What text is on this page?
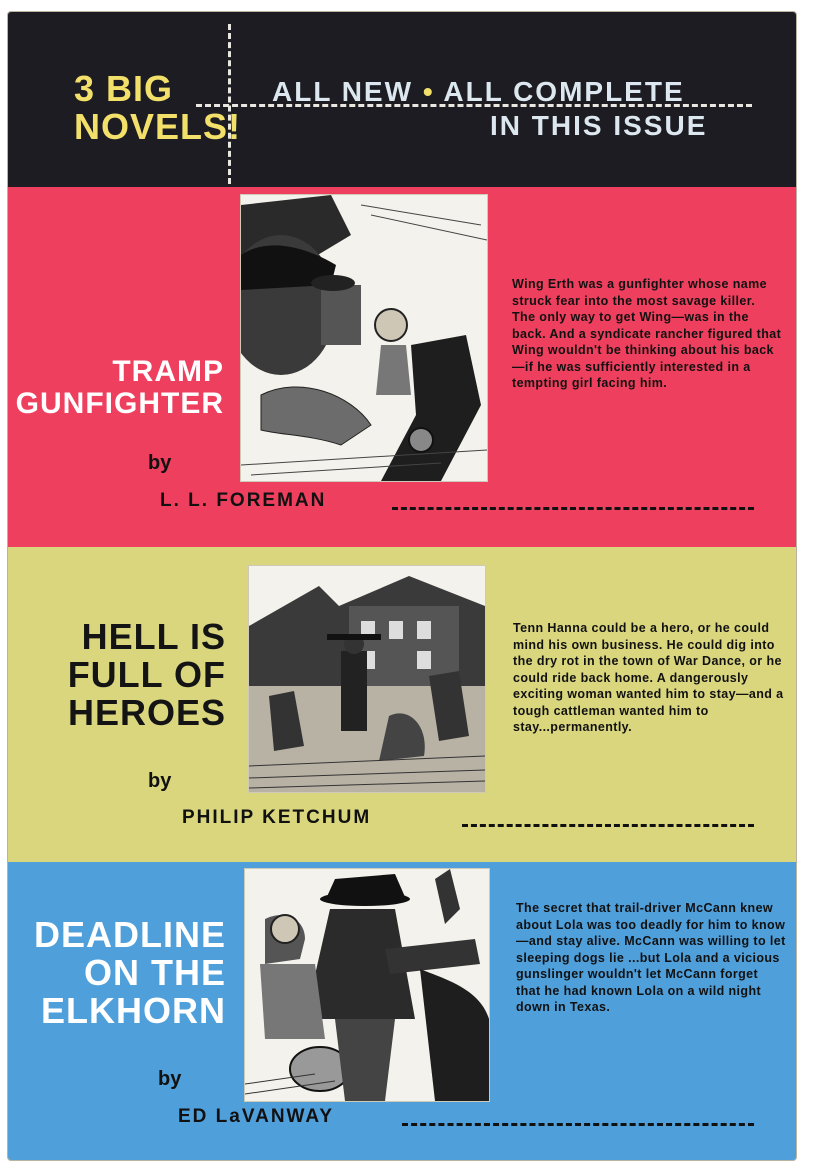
3 BIG
NOVELS!
ALL NEW • ALL COMPLETE
IN THIS ISSUE
Wing Erth was a gunfighter whose name struck fear into the most savage killer. The only way to get Wing—was in the back. And a syndicate rancher figured that Wing wouldn't be thinking about his back—if he was sufficiently interested in a tempting girl facing him.
TRAMP
GUNFIGHTER
by
L. L. FOREMAN
Tenn Hanna could be a hero, or he could mind his own business. He could dig into the dry rot in the town of War Dance, or he could ride back home. A dangerously exciting woman wanted him to stay—and a tough cattleman wanted him to stay...permanently.
HELL IS
FULL OF
HEROES
by
PHILIP KETCHUM
The secret that trail-driver McCann knew about Lola was too deadly for him to know—and stay alive. McCann was willing to let sleeping dogs lie ...but Lola and a vicious gunslinger wouldn't let McCann forget that he had known Lola on a wild night down in Texas.
DEADLINE
ON THE
ELKHORN
by
ED LaVANWAY
